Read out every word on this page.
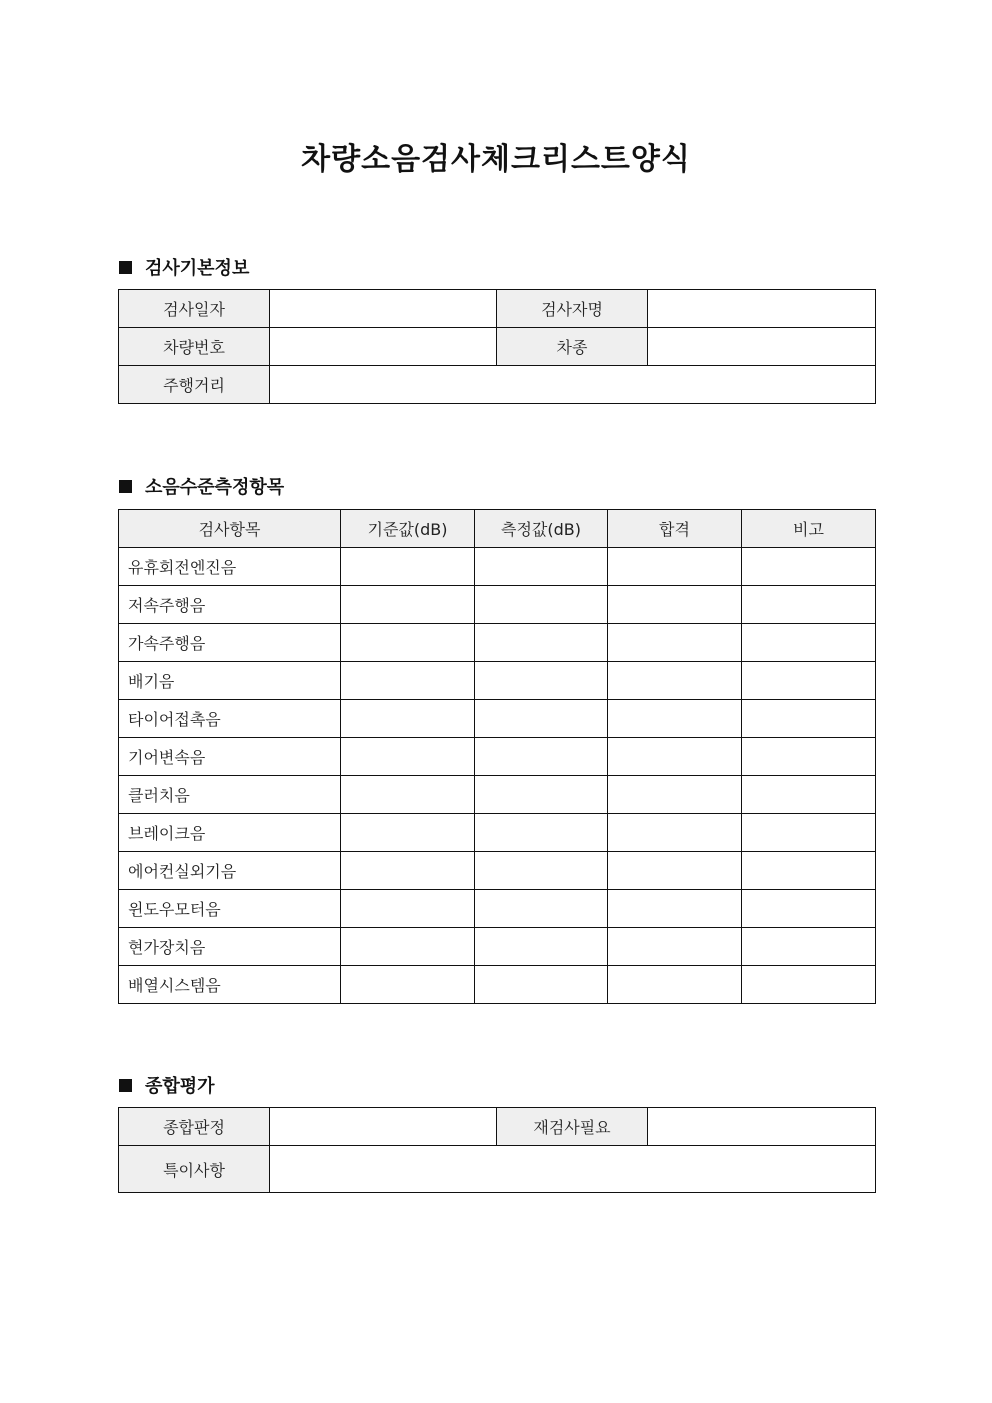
차량소음검사체크리스트양식
검사기본정보
검사일자		검사자명	
차량번호		차종	
주행거리			
소음수준측정항목
검사항목	기준값(dB)	측정값(dB)	합격	비고
유휴회전엔진음				
저속주행음				
가속주행음				
배기음				
타이어접촉음				
기어변속음				
클러치음				
브레이크음				
에어컨실외기음				
윈도우모터음				
현가장치음				
배열시스템음				
종합평가
종합판정		재검사필요	
특이사항			
